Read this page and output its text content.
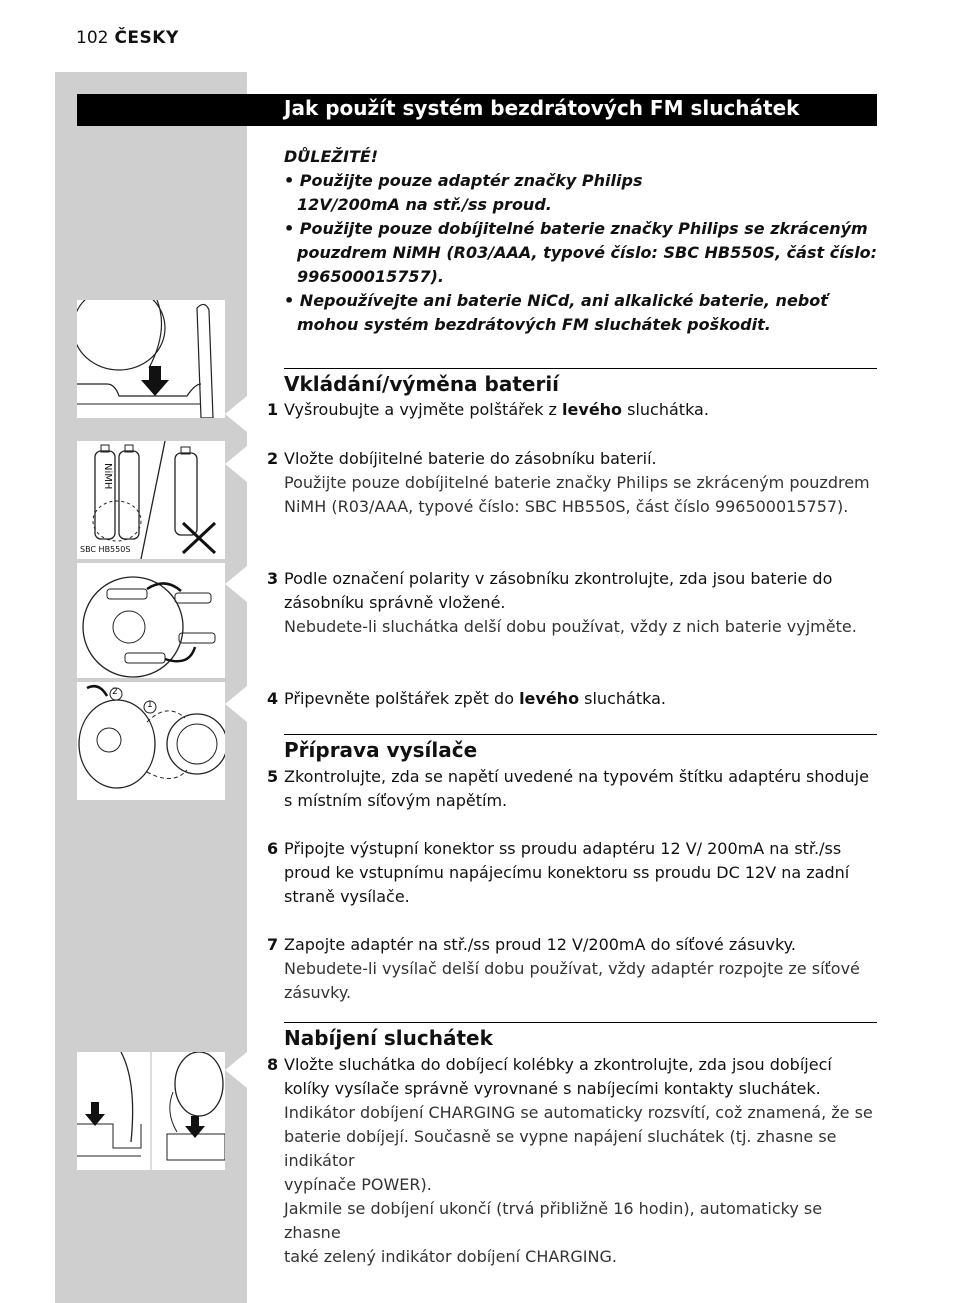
102 ČESKY
Jak použít systém bezdrátových FM sluchátek
DŮLEŽITÉ!
• Použijte pouze adaptér značky Philips
12V/200mA na stř./ss proud.
• Použijte pouze dobíjitelné baterie značky Philips se zkráceným
pouzdrem NiMH (R03/AAA, typové číslo: SBC HB550S, část číslo:
996500015757).
• Nepoužívejte ani baterie NiCd, ani alkalické baterie, neboť
mohou systém bezdrátových FM sluchátek poškodit.
Vkládání/výměna baterií
1 Vyšroubujte a vyjměte polštářek z levého sluchátka.
2 Vložte dobíjitelné baterie do zásobníku baterií.
Použijte pouze dobíjitelné baterie značky Philips se zkráceným pouzdrem
NiMH (R03/AAA, typové číslo: SBC HB550S, část číslo 996500015757).
3 Podle označení polarity v zásobníku zkontrolujte, zda jsou baterie do
zásobníku správně vložené.
Nebudete-li sluchátka delší dobu používat, vždy z nich baterie vyjměte.
4 Připevněte polštářek zpět do levého sluchátka.
Příprava vysílače
5 Zkontrolujte, zda se napětí uvedené na typovém štítku adaptéru shoduje
s místním síťovým napětím.
6 Připojte výstupní konektor ss proudu adaptéru 12 V/ 200mA na stř./ss
proud ke vstupnímu napájecímu konektoru ss proudu DC 12V na zadní
straně vysílače.
7 Zapojte adaptér na stř./ss proud 12 V/200mA do síťové zásuvky.
Nebudete-li vysílač delší dobu používat, vždy adaptér rozpojte ze síťové
zásuvky.
Nabíjení sluchátek
8 Vložte sluchátka do dobíjecí kolébky a zkontrolujte, zda jsou dobíjecí
kolíky vysílače správně vyrovnané s nabíjecími kontakty sluchátek.
Indikátor dobíjení CHARGING se automaticky rozsvítí, což znamená, že se
baterie dobíjejí. Současně se vypne napájení sluchátek (tj. zhasne se indikátor
vypínače POWER).
Jakmile se dobíjení ukončí (trvá přibližně 16 hodin), automaticky se zhasne
také zelený indikátor dobíjení CHARGING.
NiMH
SBC HB550S
2
1
